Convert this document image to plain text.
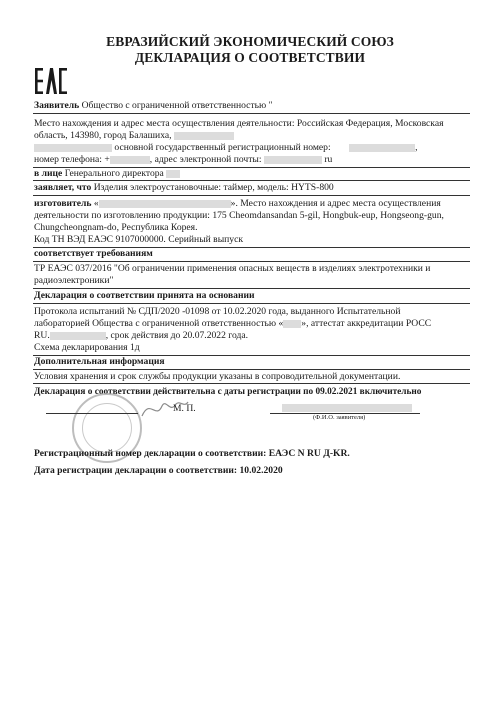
ЕВРАЗИЙСКИЙ ЭКОНОМИЧЕСКИЙ СОЮЗ
ДЕКЛАРАЦИЯ О СООТВЕТСТВИИ
Заявитель Общество с ограниченной ответственностью "
Место нахождения и адрес места осуществления деятельности: Российская Федерация, Московская
область, 143980, город Балашиха,
основной государственный регистрационный номер:	,
номер телефона: +	, адрес электронной почты:	ru
в лице Генерального директора
заявляет, что Изделия электроустановочные: таймер, модель: HYTS-800
изготовитель «	». Место нахождения и адрес места осуществления
деятельности по изготовлению продукции: 175 Cheomdansandan 5-gil, Hongbuk-eup, Hongseong-gun,
Chungcheongnam-do, Республика Корея.
Код ТН ВЭД ЕАЭС 9107000000. Серийный выпуск
соответствует требованиям
ТР ЕАЭС 037/2016 "Об ограничении применения опасных веществ в изделиях электротехники и
радиоэлектроники"
Декларация о соответствии принята на основании
Протокола испытаний № СДП/2020 -01098 от 10.02.2020 года, выданного Испытательной
лабораторией Общества с ограниченной ответственностью « », аттестат аккредитации РОСС
RU.	, срок действия до 20.07.2022 года.
Схема декларирования 1д
Дополнительная информация
Условия хранения и срок службы продукции указаны в сопроводительной документации.
Декларация о соответствии действительна с даты регистрации по 09.02.2021 включительно
М. П.
(Ф.И.О. заявителя)
Регистрационный номер декларации о соответствии: ЕАЭС N RU Д-KR.
Дата регистрации декларации о соответствии: 10.02.2020
